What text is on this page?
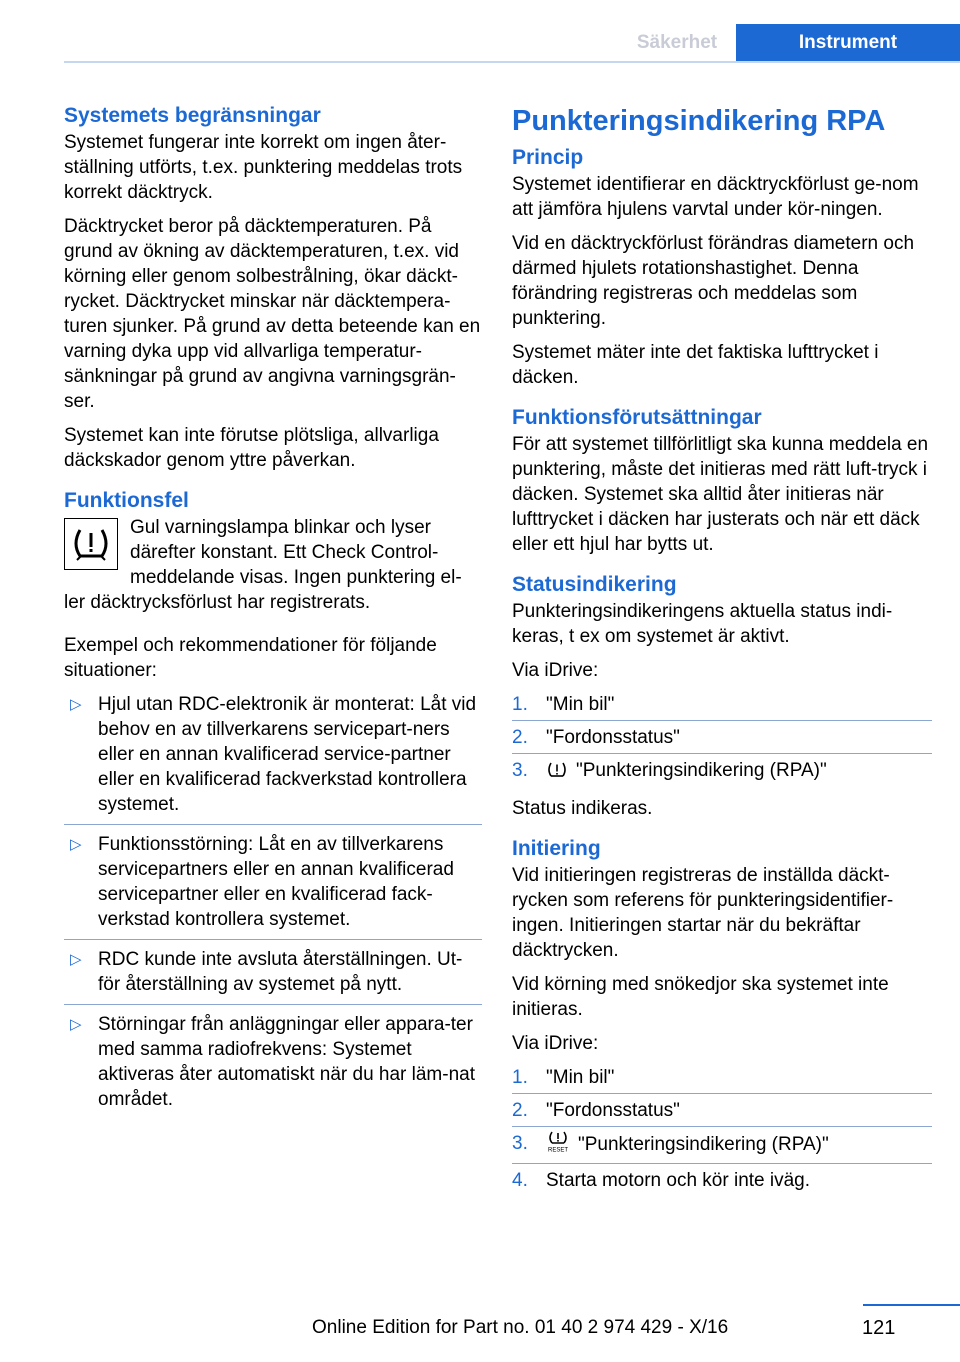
Säkerhet	Instrument
Systemets begränsningar

Systemet fungerar inte korrekt om ingen åter-ställning utförts, t.ex. punktering meddelas trots korrekt däcktryck.

Däcktrycket beror på däcktemperaturen. På grund av ökning av däcktemperaturen, t.ex. vid körning eller genom solbestrålning, ökar däckt-rycket. Däcktrycket minskar när däcktempera-turen sjunker. På grund av detta beteende kan en varning dyka upp vid allvarliga temperatur-sänkningar på grund av angivna varningsgrän-ser.

Systemet kan inte förutse plötsliga, allvarliga däckskador genom yttre påverkan.

Funktionsfel

Gul varningslampa blinkar och lyser därefter konstant. Ett Check Control-meddelande visas. Ingen punktering el-ler däcktrycksförlust har registrerats.

Exempel och rekommendationer för följande situationer:

▷ Hjul utan RDC-elektronik är monterat: Låt vid behov en av tillverkarens servicepart-ners eller en annan kvalificerad service-partner eller en kvalificerad fackverkstad kontrollera systemet.
▷ Funktionsstörning: Låt en av tillverkarens servicepartners eller en annan kvalificerad servicepartner eller en kvalificerad fack-verkstad kontrollera systemet.
▷ RDC kunde inte avsluta återställningen. Ut-för återställning av systemet på nytt.
▷ Störningar från anläggningar eller appara-ter med samma radiofrekvens: Systemet aktiveras åter automatiskt när du har läm-nat området.
Punkteringsindikering RPA
Princip

Systemet identifierar en däcktryckförlust ge-nom att jämföra hjulens varvtal under kör-ningen.

Vid en däcktryckförlust förändras diametern och därmed hjulets rotationshastighet. Denna förändring registreras och meddelas som punktering.

Systemet mäter inte det faktiska lufttrycket i däcken.

Funktionsförutsättningar

För att systemet tillförlitligt ska kunna meddela en punktering, måste det initieras med rätt luft-tryck i däcken. Systemet ska alltid åter initieras när lufttrycket i däcken har justerats och när ett däck eller ett hjul har bytts ut.

Statusindikering

Punkteringsindikeringens aktuella status indi-keras, t ex om systemet är aktivt.

Via iDrive:

1. "Min bil"
2. "Fordonsstatus"
3.	"Punkteringsindikering (RPA)"

Status indikeras.

Initiering

Vid initieringen registreras de inställda däckt-rycken som referens för punkteringsidentifier-ingen. Initieringen startar när du bekräftar däcktrycken.

Vid körning med snökedjor ska systemet inte initieras.

Via iDrive:

1. "Min bil"
2. "Fordonsstatus"
3.	RESET "Punkteringsindikering (RPA)"
4. Starta motorn och kör inte iväg.
121
Online Edition for Part no. 01 40 2 974 429 - X/16
